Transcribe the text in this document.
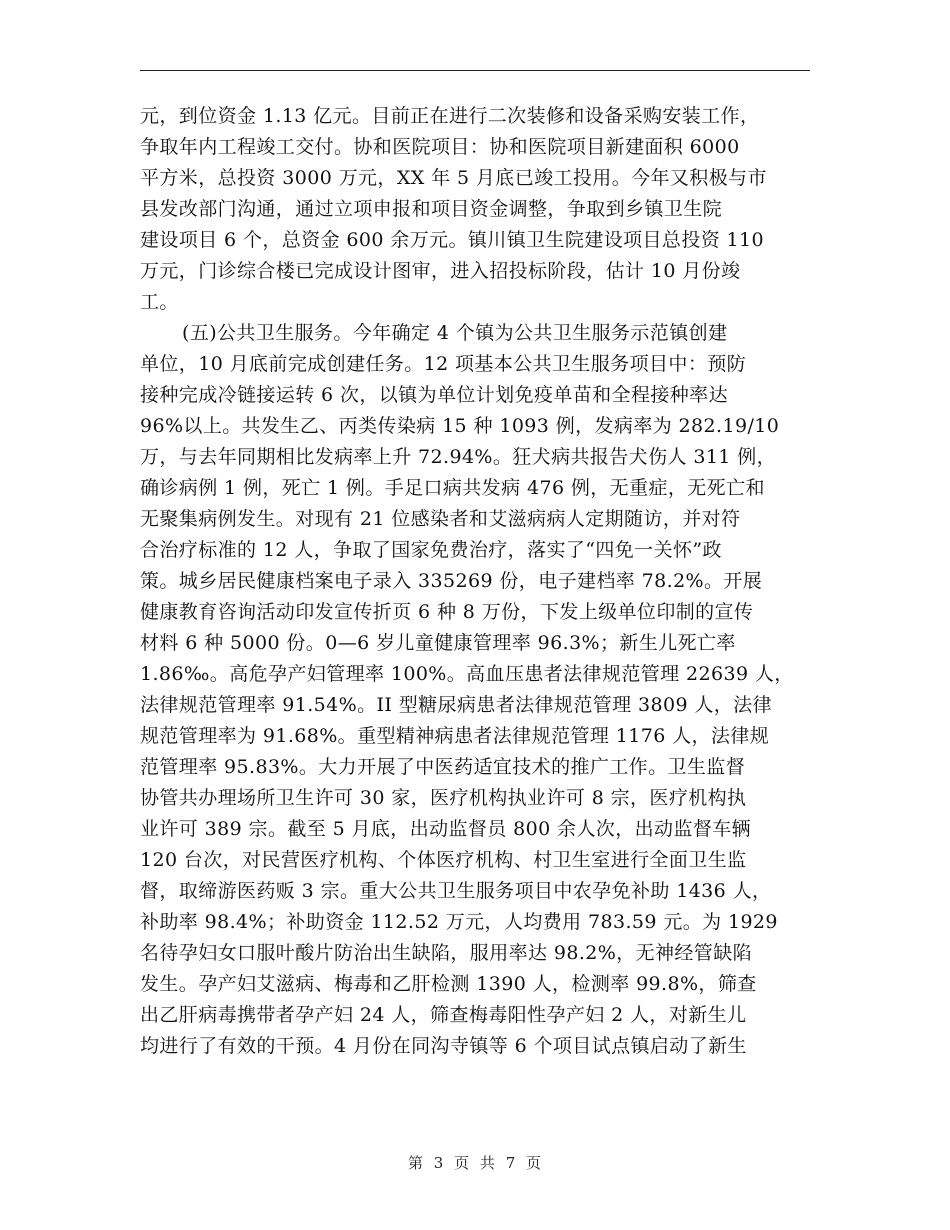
元，到位资金 1.13 亿元。目前正在进行二次装修和设备采购安装工作，
争取年内工程竣工交付。协和医院项目：协和医院项目新建面积 6000
平方米，总投资 3000 万元，XX 年 5 月底已竣工投用。今年又积极与市
县发改部门沟通，通过立项申报和项目资金调整，争取到乡镇卫生院
建设项目 6 个，总资金 600 余万元。镇川镇卫生院建设项目总投资 110
万元，门诊综合楼已完成设计图审，进入招投标阶段，估计 10 月份竣
工。
(五)公共卫生服务。今年确定 4 个镇为公共卫生服务示范镇创建
单位，10 月底前完成创建任务。12 项基本公共卫生服务项目中：预防
接种完成冷链接运转 6 次，以镇为单位计划免疫单苗和全程接种率达
96%以上。共发生乙、丙类传染病 15 种 1093 例，发病率为 282.19/10
万，与去年同期相比发病率上升 72.94%。狂犬病共报告犬伤人 311 例，
确诊病例 1 例，死亡 1 例。手足口病共发病 476 例，无重症，无死亡和
无聚集病例发生。对现有 21 位感染者和艾滋病病人定期随访，并对符
合治疗标准的 12 人，争取了国家免费治疗，落实了“四免一关怀”政
策。城乡居民健康档案电子录入 335269 份，电子建档率 78.2%。开展
健康教育咨询活动印发宣传折页 6 种 8 万份，下发上级单位印制的宣传
材料 6 种 5000 份。0—6 岁儿童健康管理率 96.3%；新生儿死亡率
1.86‰。高危孕产妇管理率 100%。高血压患者法律规范管理 22639 人，
法律规范管理率 91.54%。II 型糖尿病患者法律规范管理 3809 人，法律
规范管理率为 91.68%。重型精神病患者法律规范管理 1176 人，法律规
范管理率 95.83%。大力开展了中医药适宜技术的推广工作。卫生监督
协管共办理场所卫生许可 30 家，医疗机构执业许可 8 宗，医疗机构执
业许可 389 宗。截至 5 月底，出动监督员 800 余人次，出动监督车辆
120 台次，对民营医疗机构、个体医疗机构、村卫生室进行全面卫生监
督，取缔游医药贩 3 宗。重大公共卫生服务项目中农孕免补助 1436 人，
补助率 98.4%；补助资金 112.52 万元，人均费用 783.59 元。为 1929
名待孕妇女口服叶酸片防治出生缺陷，服用率达 98.2%，无神经管缺陷
发生。孕产妇艾滋病、梅毒和乙肝检测 1390 人，检测率 99.8%，筛查
出乙肝病毒携带者孕产妇 24 人，筛查梅毒阳性孕产妇 2 人，对新生儿
均进行了有效的干预。4 月份在同沟寺镇等 6 个项目试点镇启动了新生
第 3 页 共 7 页
